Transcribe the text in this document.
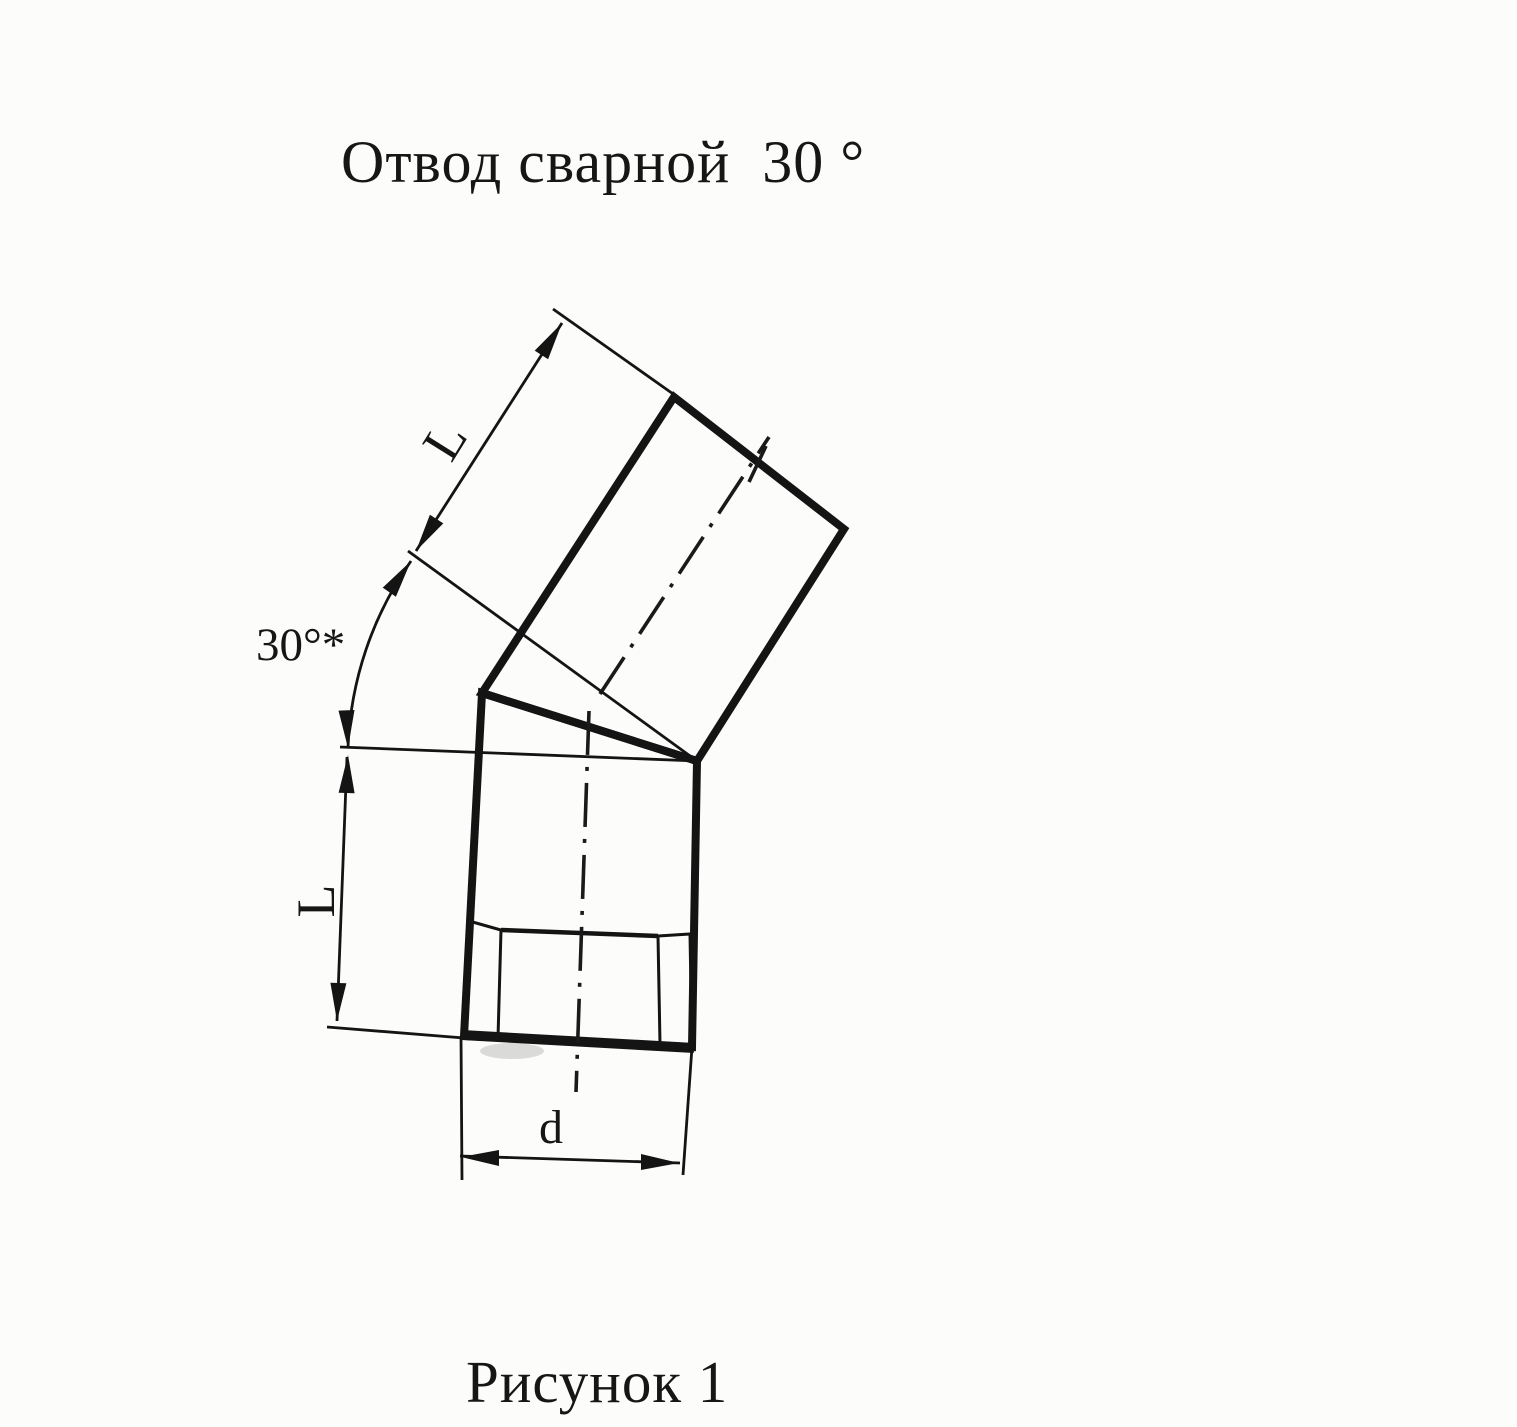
Отвод сварной  30 °
30°*
L
L
d
Рисунок 1
